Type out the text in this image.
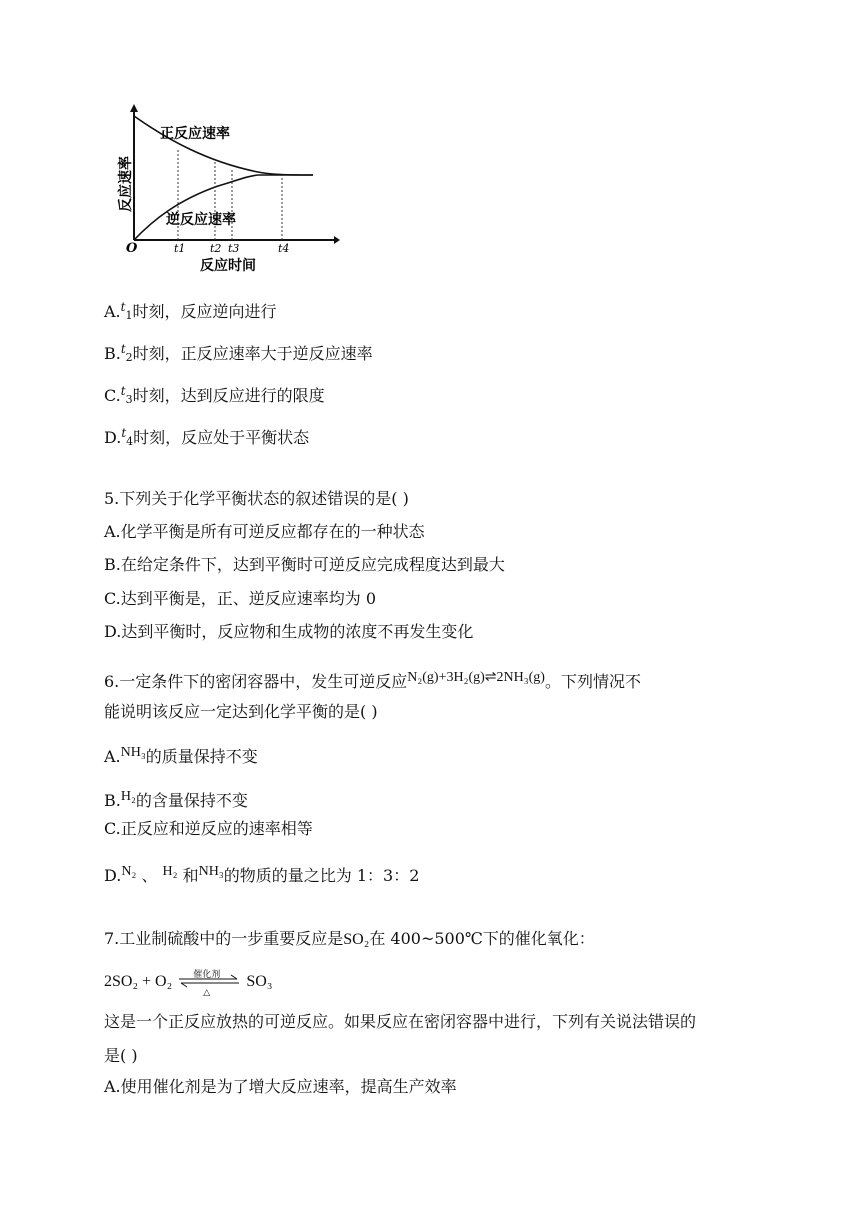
正反应速率
逆反应速率
O	t1 t2 t3	t4
反应时间
反应速率
A.$^t$1时刻，反应逆向进行
B.$^t$2时刻，正反应速率大于逆反应速率
C.$^t$3时刻，达到反应进行的限度
D.$^t$4时刻，反应处于平衡状态
5.下列关于化学平衡状态的叙述错误的是( )
A.化学平衡是所有可逆反应都存在的一种状态
B.在给定条件下，达到平衡时可逆反应完成程度达到最大
C.达到平衡是，正、逆反应速率均为 0
D.达到平衡时，反应物和生成物的浓度不再发生变化
6.一定条件下的密闭容器中，发生可逆反应N₂(g)+3H₂(g)⇌2NH₃(g)。下列情况不
能说明该反应一定达到化学平衡的是( )
A.NH₃的质量保持不变
B.H₂的含量保持不变
C.正反应和逆反应的速率相等
D.N₂ 、 H₂ 和NH₃的物质的量之比为 1：3：2
7.工业制硫酸中的一步重要反应是SO₂在 400~500℃下的催化氧化：
2SO₂ + O₂ 催化剂
△
SO₃
这是一个正反应放热的可逆反应。如果反应在密闭容器中进行，下列有关说法错误的
是( )
A.使用催化剂是为了增大反应速率，提高生产效率
